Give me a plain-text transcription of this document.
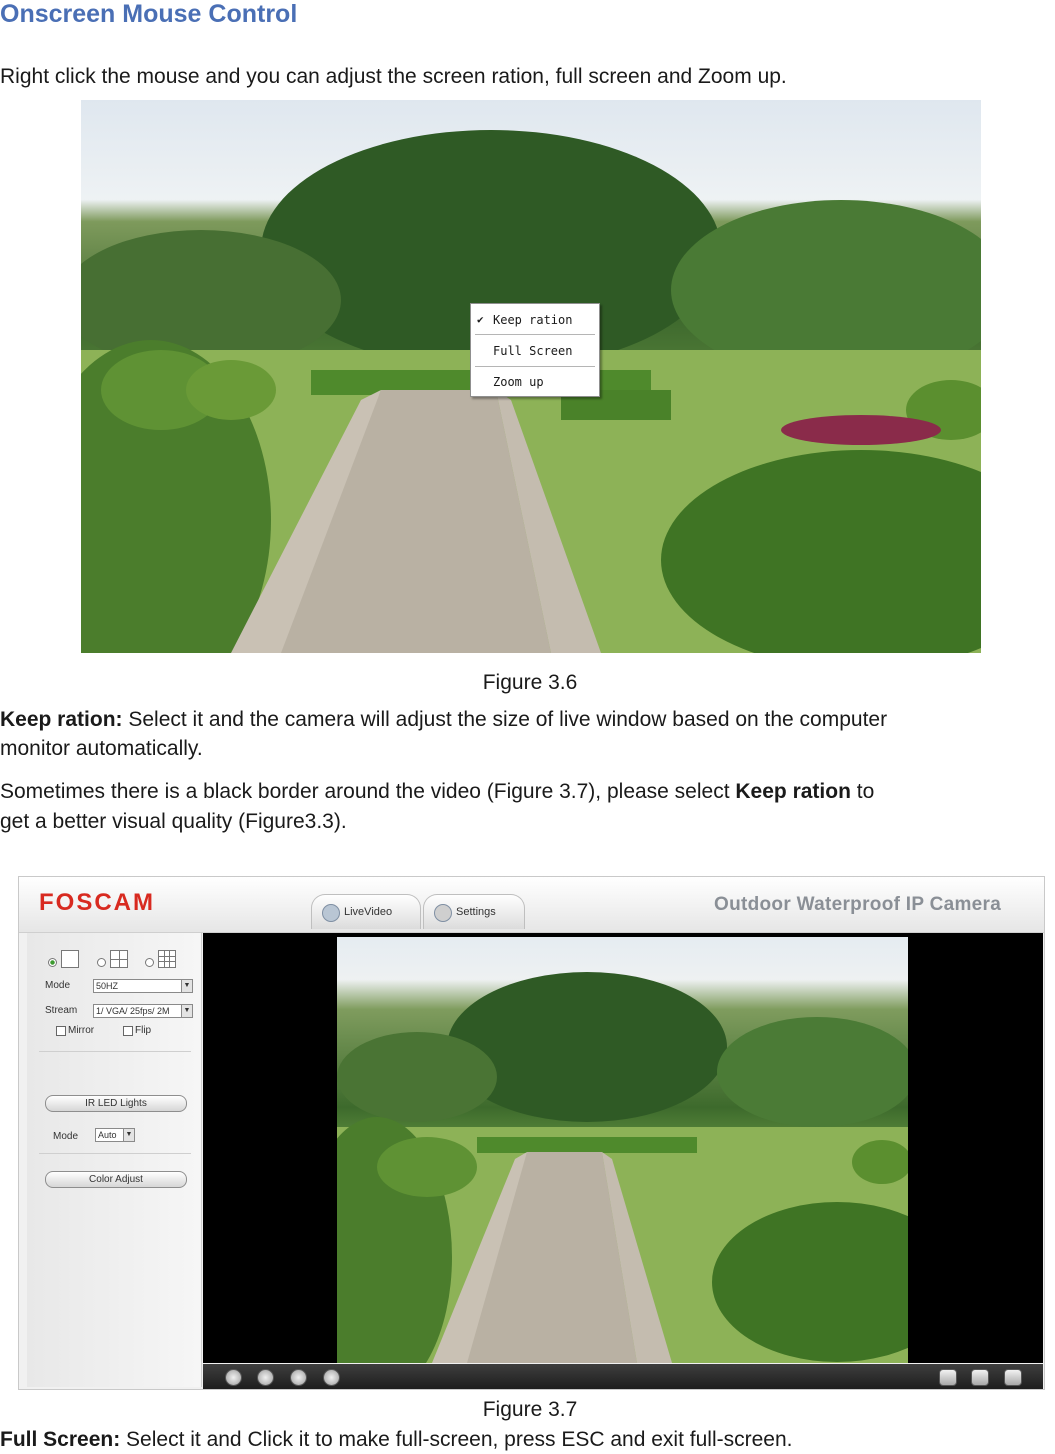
Onscreen Mouse Control
Right click the mouse and you can adjust the screen ration, full screen and Zoom up.
✔ Keep ration
Full Screen
Zoom up
Figure 3.6
Keep ration: Select it and the camera will adjust the size of live window based on the computer
monitor automatically.
Sometimes there is a black border around the video (Figure 3.7), please select Keep ration to
get a better visual quality (Figure3.3).
FOSCAM	LiveVideo	Settings	Outdoor Waterproof IP Camera
Mode	50HZ	▼
Stream	1/ VGA/ 25fps/ 2M	▼
Mirror	Flip
IR LED Lights
Mode	Auto	▼
Color Adjust
Figure 3.7
Full Screen: Select it and Click it to make full-screen, press ESC and exit full-screen.
